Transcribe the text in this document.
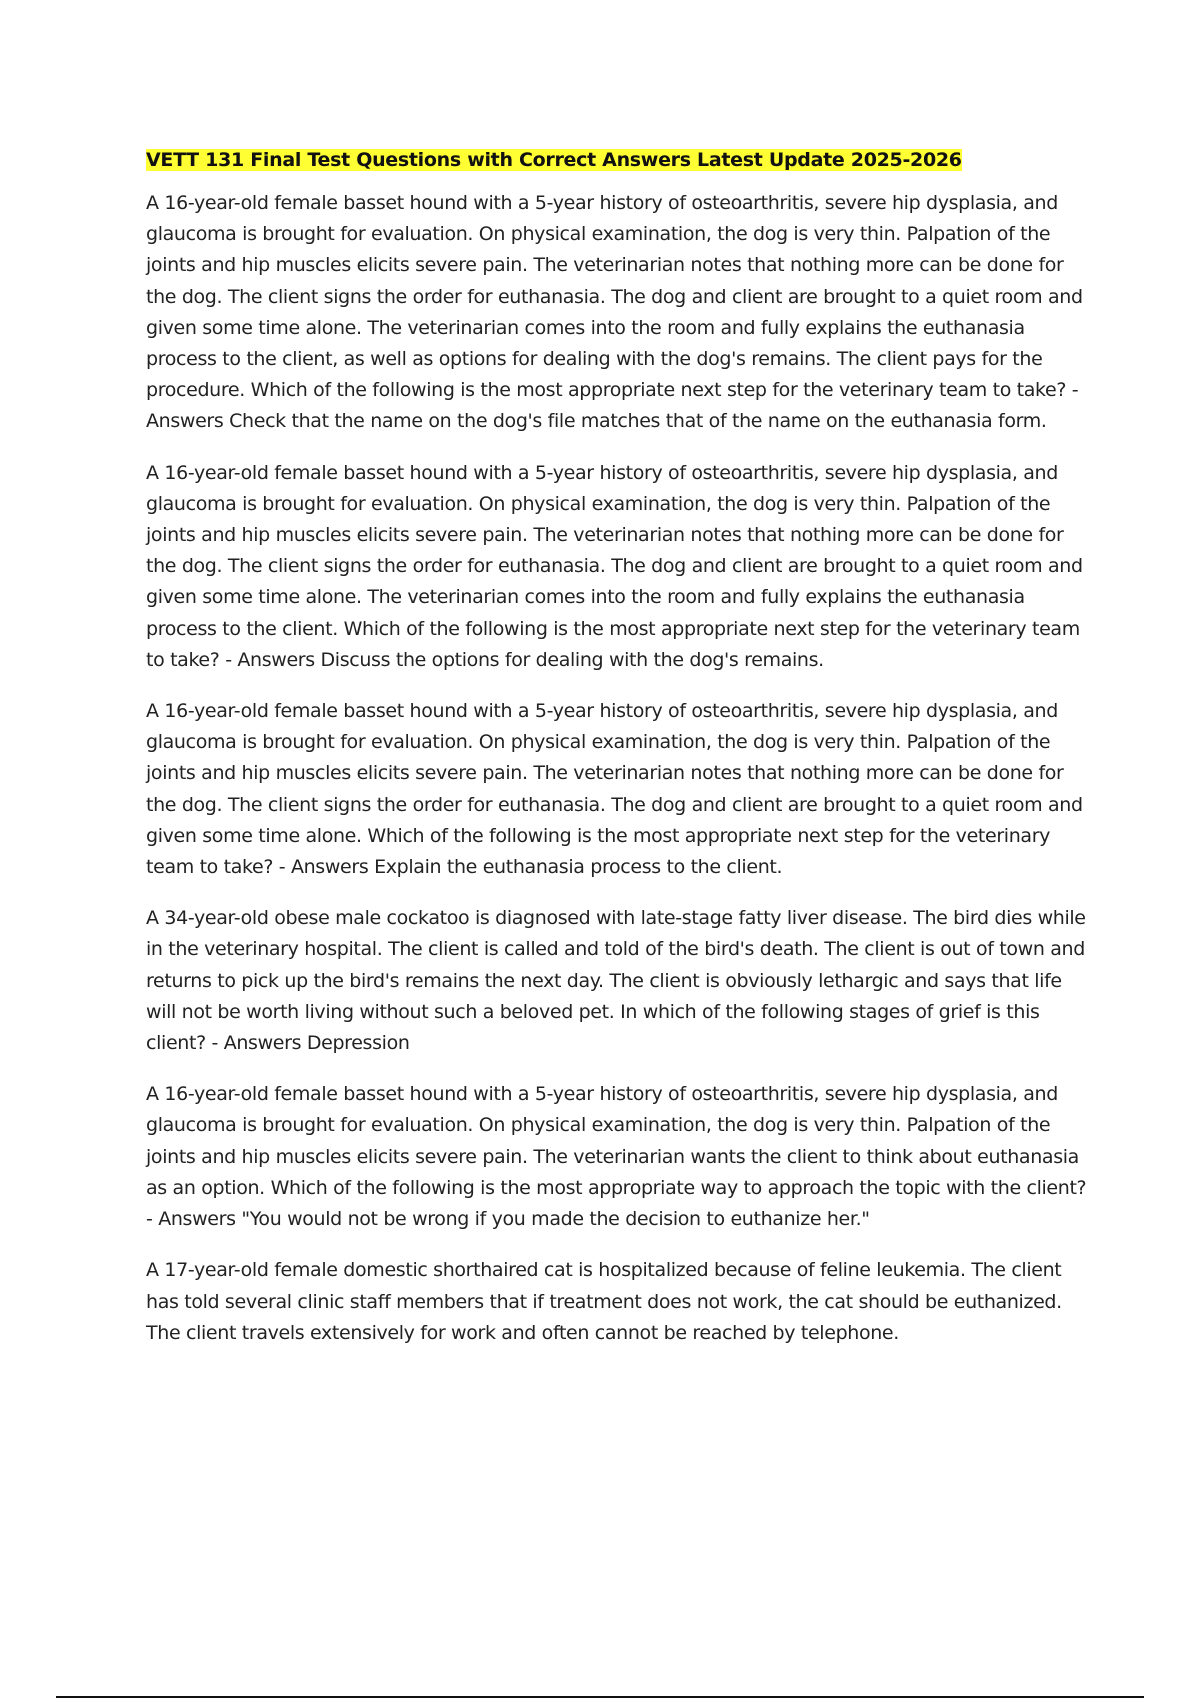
VETT 131 Final Test Questions with Correct Answers Latest Update 2025-2026

A 16-year-old female basset hound with a 5-year history of osteoarthritis, severe hip dysplasia, and glaucoma is brought for evaluation. On physical examination, the dog is very thin. Palpation of the joints and hip muscles elicits severe pain. The veterinarian notes that nothing more can be done for the dog. The client signs the order for euthanasia. The dog and client are brought to a quiet room and given some time alone. The veterinarian comes into the room and fully explains the euthanasia process to the client, as well as options for dealing with the dog's remains. The client pays for the procedure. Which of the following is the most appropriate next step for the veterinary team to take? - Answers Check that the name on the dog's file matches that of the name on the euthanasia form.

A 16-year-old female basset hound with a 5-year history of osteoarthritis, severe hip dysplasia, and glaucoma is brought for evaluation. On physical examination, the dog is very thin. Palpation of the joints and hip muscles elicits severe pain. The veterinarian notes that nothing more can be done for the dog. The client signs the order for euthanasia. The dog and client are brought to a quiet room and given some time alone. The veterinarian comes into the room and fully explains the euthanasia process to the client. Which of the following is the most appropriate next step for the veterinary team to take? - Answers Discuss the options for dealing with the dog's remains.

A 16-year-old female basset hound with a 5-year history of osteoarthritis, severe hip dysplasia, and glaucoma is brought for evaluation. On physical examination, the dog is very thin. Palpation of the joints and hip muscles elicits severe pain. The veterinarian notes that nothing more can be done for the dog. The client signs the order for euthanasia. The dog and client are brought to a quiet room and given some time alone. Which of the following is the most appropriate next step for the veterinary team to take? - Answers Explain the euthanasia process to the client.

A 34-year-old obese male cockatoo is diagnosed with late-stage fatty liver disease. The bird dies while in the veterinary hospital. The client is called and told of the bird's death. The client is out of town and returns to pick up the bird's remains the next day. The client is obviously lethargic and says that life will not be worth living without such a beloved pet. In which of the following stages of grief is this client? - Answers Depression

A 16-year-old female basset hound with a 5-year history of osteoarthritis, severe hip dysplasia, and glaucoma is brought for evaluation. On physical examination, the dog is very thin. Palpation of the joints and hip muscles elicits severe pain. The veterinarian wants the client to think about euthanasia as an option. Which of the following is the most appropriate way to approach the topic with the client? - Answers "You would not be wrong if you made the decision to euthanize her."

A 17-year-old female domestic shorthaired cat is hospitalized because of feline leukemia. The client has told several clinic staff members that if treatment does not work, the cat should be euthanized. The client travels extensively for work and often cannot be reached by telephone.
